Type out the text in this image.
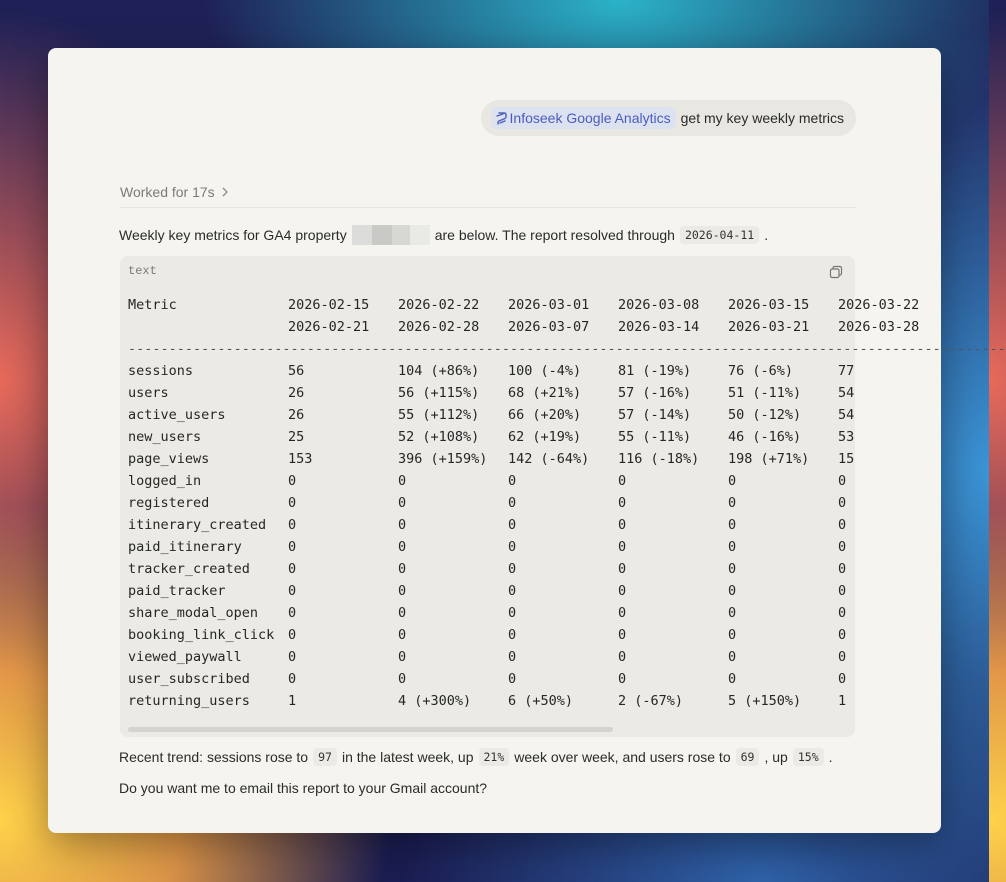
Infoseek Google Analytics get my key weekly metrics
Worked for 17s
Weekly key metrics for GA4 property	are below. The report resolved through 2026-04-11 .
text
Metric	2026-02-15 2026-02-22 2026-03-01 2026-03-08 2026-03-15 2026-03-22
2026-02-21 2026-02-28 2026-03-07 2026-03-14 2026-03-21 2026-03-28
------------------------------------------------------------------------------------------------------------
sessions	56	104 (+86%) 100 (-4%)	81 (-19%)	76 (-6%)	77
users	26	56 (+115%) 68 (+21%)	57 (-16%)	51 (-11%)	54
active_users	26	55 (+112%) 66 (+20%)	57 (-14%)	50 (-12%)	54
new_users	25	52 (+108%) 62 (+19%)	55 (-11%)	46 (-16%)	53
page_views	153	396 (+159%) 142 (-64%) 116 (-18%) 198 (+71%) 15
logged_in	0	0	0	0	0	0
registered	0	0	0	0	0	0
itinerary_created 0	0	0	0	0	0
paid_itinerary	0	0	0	0	0	0
tracker_created	0	0	0	0	0	0
paid_tracker	0	0	0	0	0	0
share_modal_open 0	0	0	0	0	0
booking_link_click 0	0	0	0	0	0
viewed_paywall	0	0	0	0	0	0
user_subscribed	0	0	0	0	0	0
returning_users	1	4 (+300%)	6 (+50%)	2 (-67%)	5 (+150%)	1
Recent trend: sessions rose to 97 in the latest week, up 21% week over week, and users rose to 69 , up 15% .
Do you want me to email this report to your Gmail account?
